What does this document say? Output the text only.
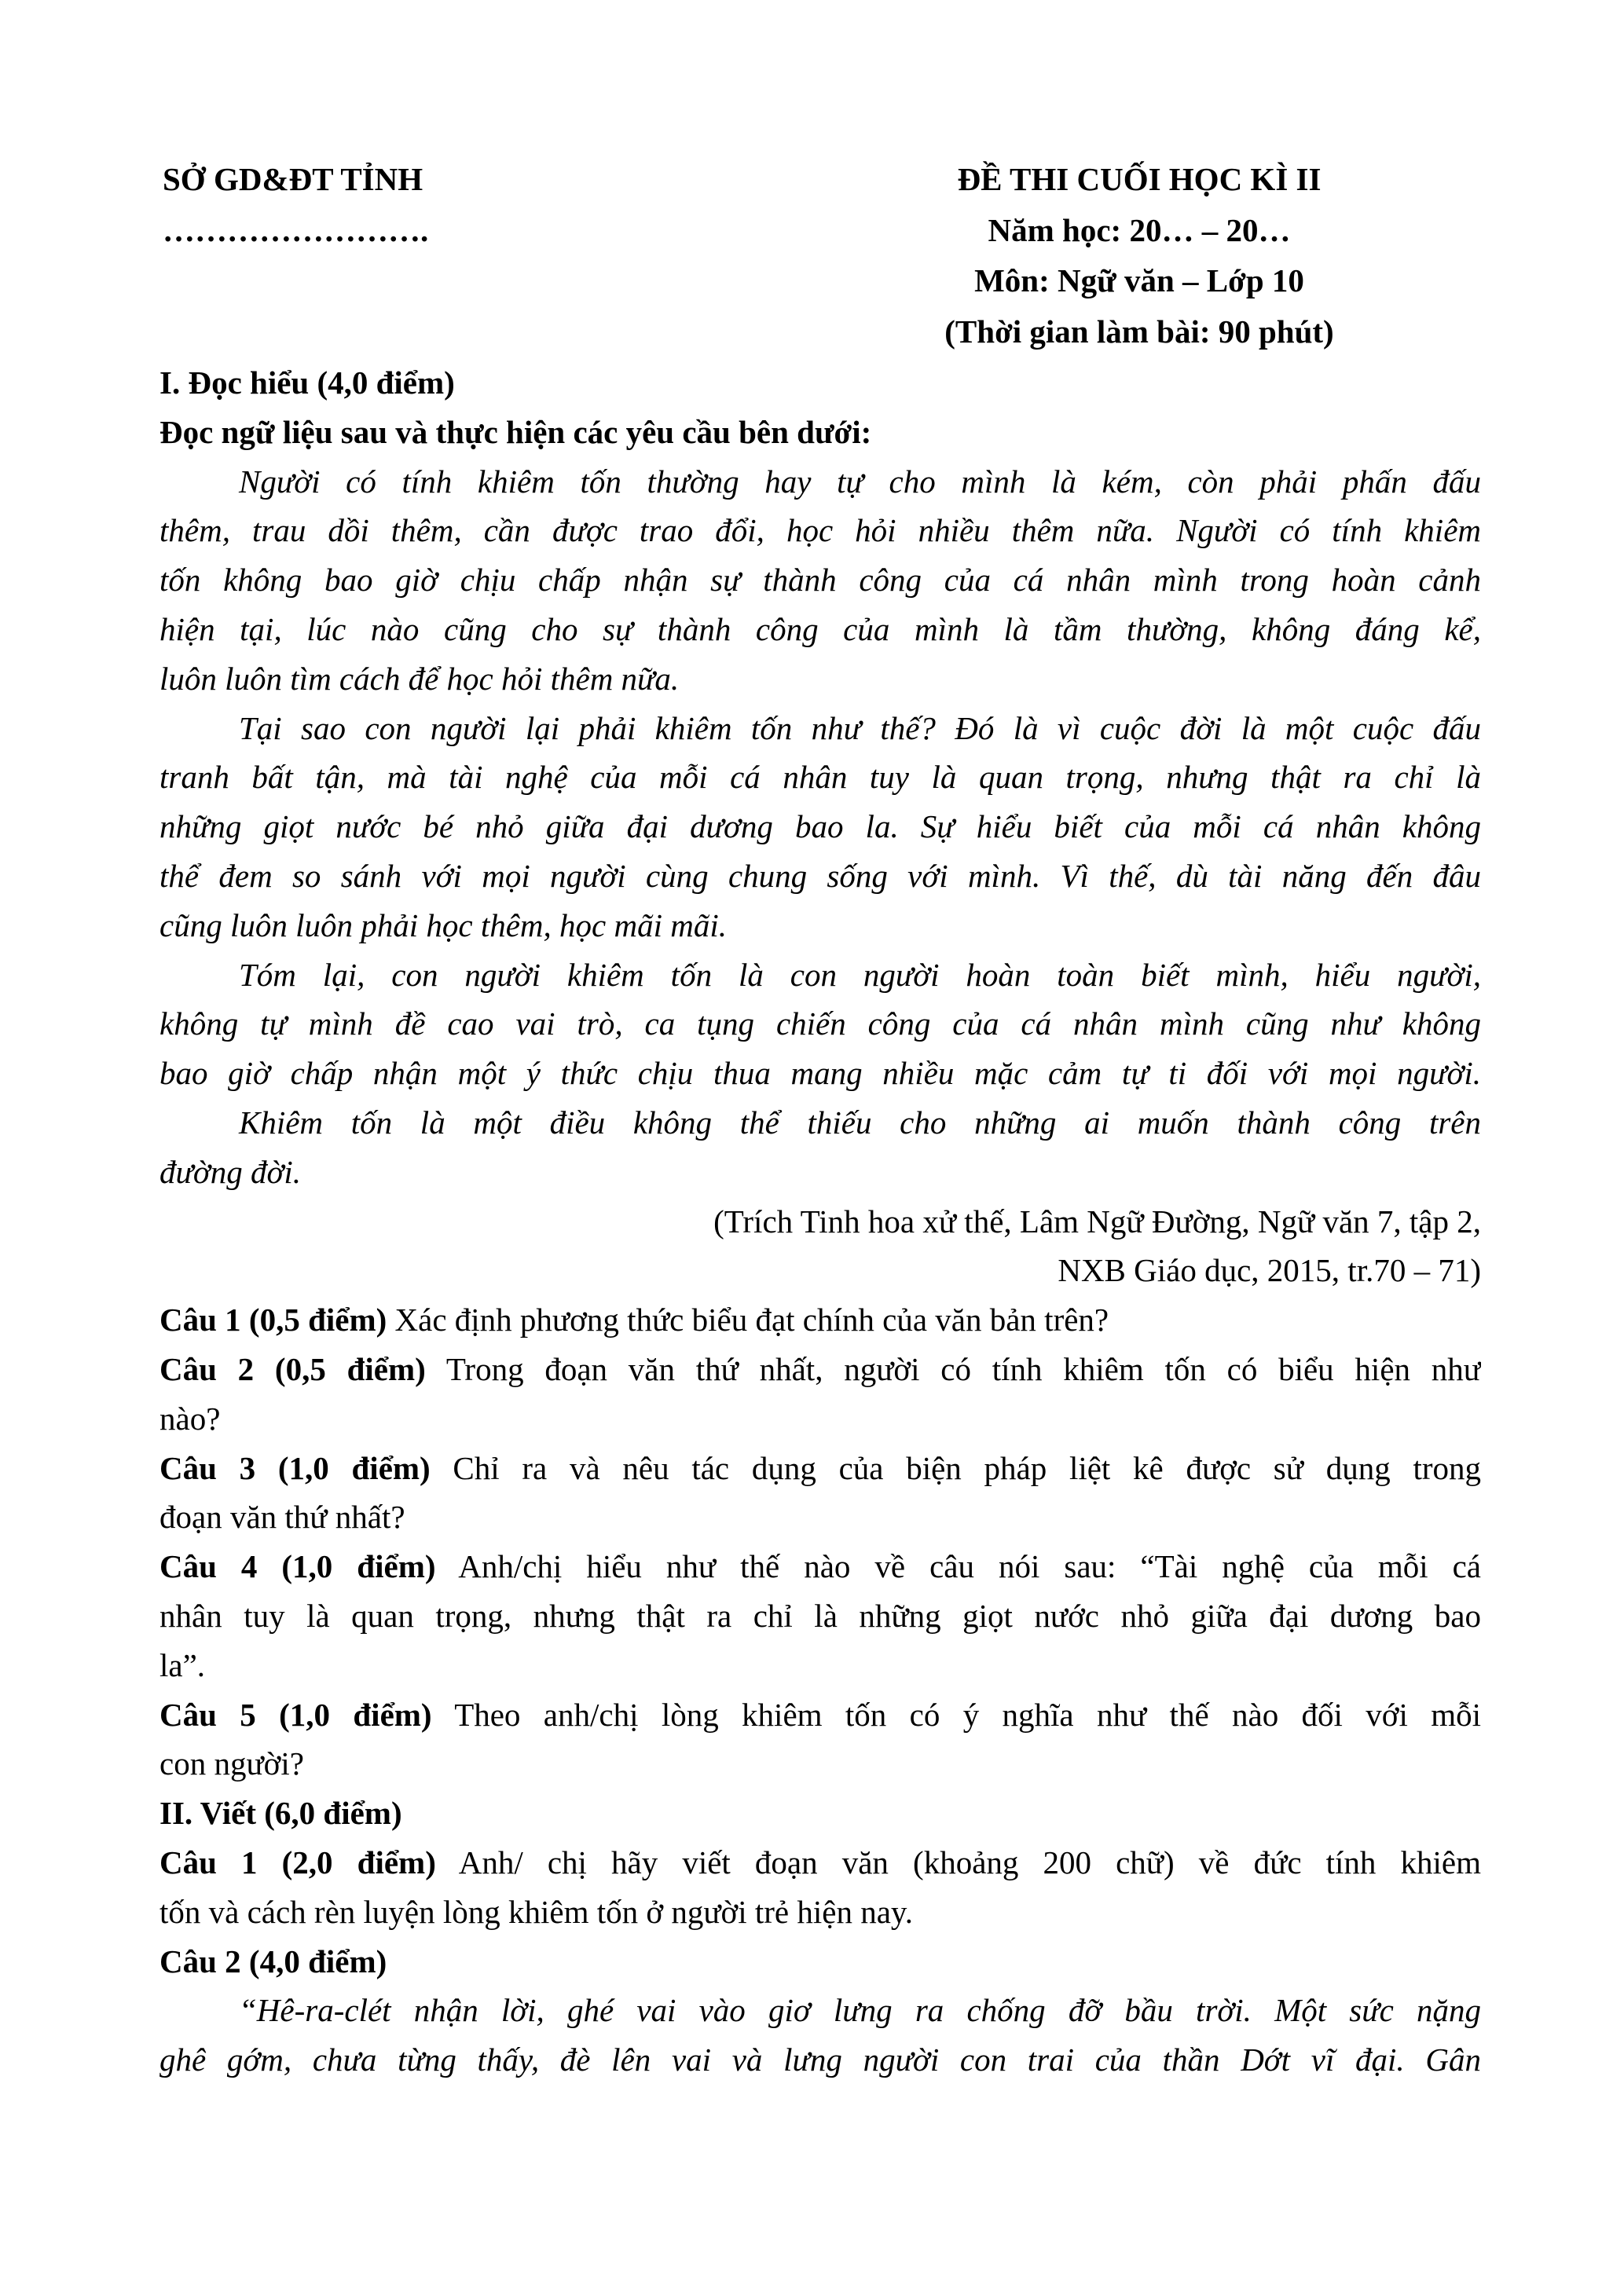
SỞ GD&ĐT TỈNH	ĐỀ THI CUỐI HỌC KÌ II
…………………….	Năm học: 20… – 20…
Môn: Ngữ văn – Lớp 10
(Thời gian làm bài: 90 phút)
I. Đọc hiểu (4,0 điểm)
Đọc ngữ liệu sau và thực hiện các yêu cầu bên dưới:
Người có tính khiêm tốn thường hay tự cho mình là kém, còn phải phấn đấu
thêm, trau dồi thêm, cần được trao đổi, học hỏi nhiều thêm nữa. Người có tính khiêm
tốn không bao giờ chịu chấp nhận sự thành công của cá nhân mình trong hoàn cảnh
hiện tại, lúc nào cũng cho sự thành công của mình là tầm thường, không đáng kể,
luôn luôn tìm cách để học hỏi thêm nữa.
Tại sao con người lại phải khiêm tốn như thế? Đó là vì cuộc đời là một cuộc đấu
tranh bất tận, mà tài nghệ của mỗi cá nhân tuy là quan trọng, nhưng thật ra chỉ là
những giọt nước bé nhỏ giữa đại dương bao la. Sự hiểu biết của mỗi cá nhân không
thể đem so sánh với mọi người cùng chung sống với mình. Vì thế, dù tài năng đến đâu
cũng luôn luôn phải học thêm, học mãi mãi.
Tóm lại, con người khiêm tốn là con người hoàn toàn biết mình, hiểu người,
không tự mình đề cao vai trò, ca tụng chiến công của cá nhân mình cũng như không
bao giờ chấp nhận một ý thức chịu thua mang nhiều mặc cảm tự ti đối với mọi người.
Khiêm tốn là một điều không thể thiếu cho những ai muốn thành công trên
đường đời.
(Trích Tinh hoa xử thế, Lâm Ngữ Đường, Ngữ văn 7, tập 2,
NXB Giáo dục, 2015, tr.70 – 71)
Câu 1 (0,5 điểm) Xác định phương thức biểu đạt chính của văn bản trên?
Câu 2 (0,5 điểm) Trong đoạn văn thứ nhất, người có tính khiêm tốn có biểu hiện như
nào?
Câu 3 (1,0 điểm) Chỉ ra và nêu tác dụng của biện pháp liệt kê được sử dụng trong
đoạn văn thứ nhất?
Câu 4 (1,0 điểm) Anh/chị hiểu như thế nào về câu nói sau: “Tài nghệ của mỗi cá
nhân tuy là quan trọng, nhưng thật ra chỉ là những giọt nước nhỏ giữa đại dương bao
la”.
Câu 5 (1,0 điểm) Theo anh/chị lòng khiêm tốn có ý nghĩa như thế nào đối với mỗi
con người?
II. Viết (6,0 điểm)
Câu 1 (2,0 điểm) Anh/ chị hãy viết đoạn văn (khoảng 200 chữ) về đức tính khiêm
tốn và cách rèn luyện lòng khiêm tốn ở người trẻ hiện nay.
Câu 2 (4,0 điểm)
“Hê-ra-clét nhận lời, ghé vai vào giơ lưng ra chống đỡ bầu trời. Một sức nặng
ghê gớm, chưa từng thấy, đè lên vai và lưng người con trai của thần Dớt vĩ đại. Gân
